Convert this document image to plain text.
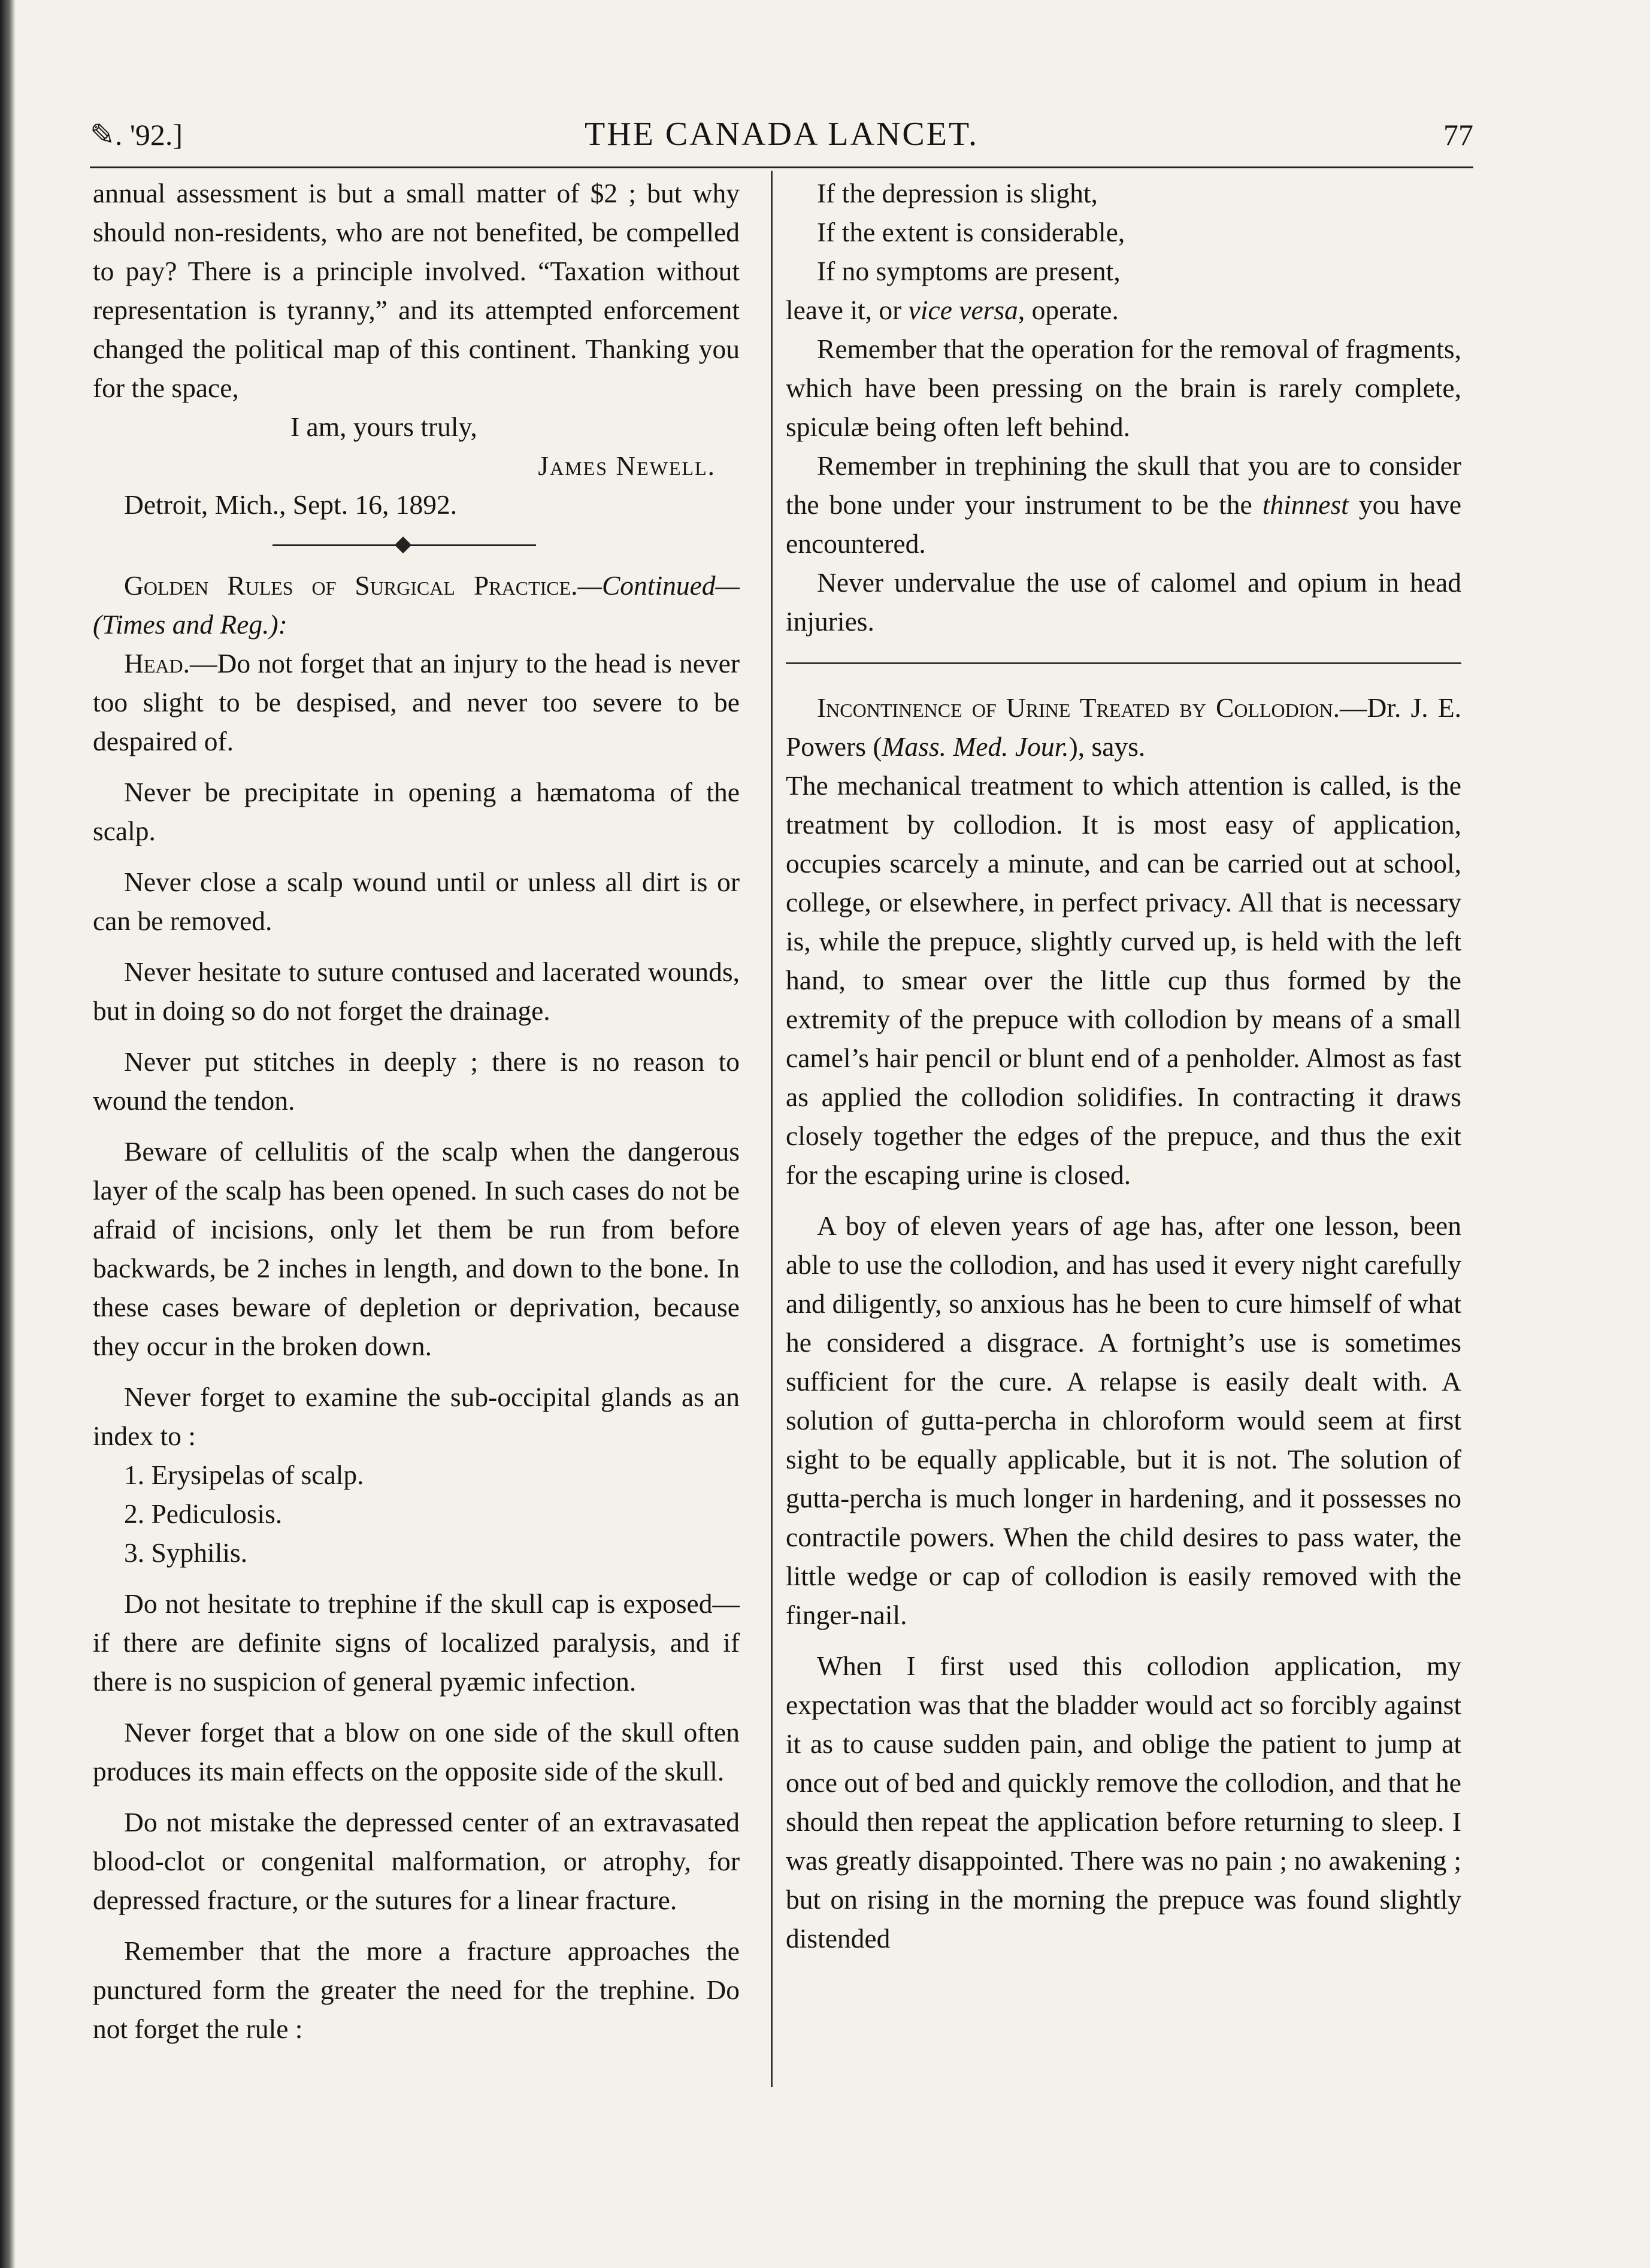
✎. '92.]	THE CANADA LANCET.	77

annual assessment is but a small matter of $2 ; but why should non-residents, who are not benefited, be compelled to pay? There is a principle involved. “Taxation without representation is tyranny,” and its attempted enforcement changed the political map of this continent. Thanking you for the space,

I am, yours truly,

James Newell.

Detroit, Mich., Sept. 16, 1892.

Golden Rules of Surgical Practice.—Continued—(Times and Reg.):

Head.—Do not forget that an injury to the head is never too slight to be despised, and never too severe to be despaired of.

Never be precipitate in opening a hæmatoma of the scalp.

Never close a scalp wound until or unless all dirt is or can be removed.

Never hesitate to suture contused and lacerated wounds, but in doing so do not forget the drainage.

Never put stitches in deeply ; there is no reason to wound the tendon.

Beware of cellulitis of the scalp when the dangerous layer of the scalp has been opened. In such cases do not be afraid of incisions, only let them be run from before backwards, be 2 inches in length, and down to the bone. In these cases beware of depletion or deprivation, because they occur in the broken down.

Never forget to examine the sub-occipital glands as an index to :

1. Erysipelas of scalp.

2. Pediculosis.

3. Syphilis.

Do not hesitate to trephine if the skull cap is exposed—if there are definite signs of localized paralysis, and if there is no suspicion of general pyæmic infection.

Never forget that a blow on one side of the skull often produces its main effects on the opposite side of the skull.

Do not mistake the depressed center of an extravasated blood-clot or congenital malformation, or atrophy, for depressed fracture, or the sutures for a linear fracture.

Remember that the more a fracture approaches the punctured form the greater the need for the trephine. Do not forget the rule :

If the depression is slight,

If the extent is considerable,

If no symptoms are present,

leave it, or vice versa, operate.

Remember that the operation for the removal of fragments, which have been pressing on the brain is rarely complete, spiculæ being often left behind.

Remember in trephining the skull that you are to consider the bone under your instrument to be the thinnest you have encountered.

Never undervalue the use of calomel and opium in head injuries.

Incontinence of Urine Treated by Collodion.—Dr. J. E. Powers (Mass. Med. Jour.), says.

The mechanical treatment to which attention is called, is the treatment by collodion. It is most easy of application, occupies scarcely a minute, and can be carried out at school, college, or elsewhere, in perfect privacy. All that is necessary is, while the prepuce, slightly curved up, is held with the left hand, to smear over the little cup thus formed by the extremity of the prepuce with collodion by means of a small camel’s hair pencil or blunt end of a penholder. Almost as fast as applied the collodion solidifies. In contracting it draws closely together the edges of the prepuce, and thus the exit for the escaping urine is closed.

A boy of eleven years of age has, after one lesson, been able to use the collodion, and has used it every night carefully and diligently, so anxious has he been to cure himself of what he considered a disgrace. A fortnight’s use is sometimes sufficient for the cure. A relapse is easily dealt with. A solution of gutta-percha in chloroform would seem at first sight to be equally applicable, but it is not. The solution of gutta-percha is much longer in hardening, and it possesses no contractile powers. When the child desires to pass water, the little wedge or cap of collodion is easily removed with the finger-nail.

When I first used this collodion application, my expectation was that the bladder would act so forcibly against it as to cause sudden pain, and oblige the patient to jump at once out of bed and quickly remove the collodion, and that he should then repeat the application before returning to sleep. I was greatly disappointed. There was no pain ; no awakening ; but on rising in the morning the prepuce was found slightly distended
